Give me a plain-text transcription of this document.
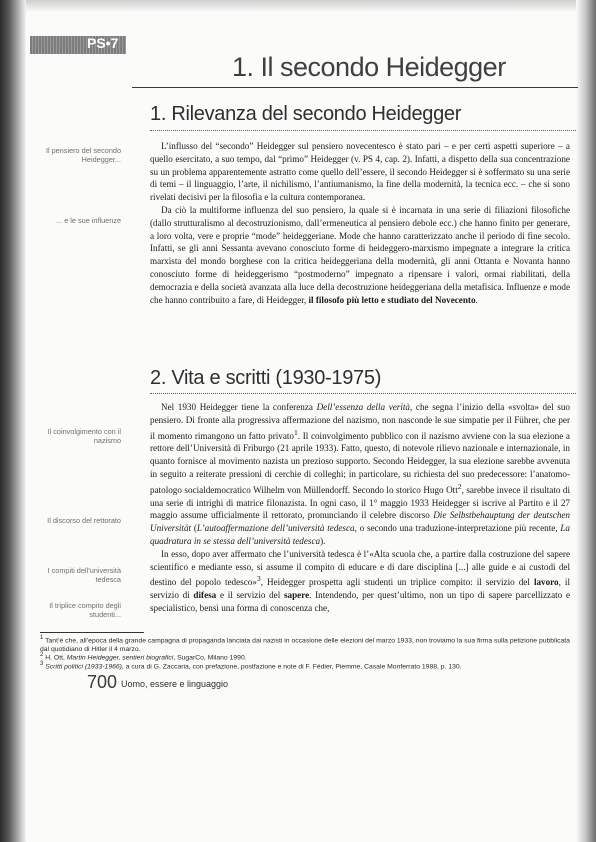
PS•7
1. Il secondo Heidegger
1. Rilevanza del secondo Heidegger
Il pensiero del secondo Heidegger...
... e le sue influenze

L’influsso del “secondo” Heidegger sul pensiero novecentesco è stato pari – e per certi aspetti superiore – a quello esercitato, a suo tempo, dal “primo” Heidegger (v. PS 4, cap. 2). Infatti, a dispetto della sua concentrazione su un problema apparentemente astratto come quello dell’essere, il secondo Heidegger si è soffermato su una serie di temi – il linguaggio, l’arte, il nichilismo, l’antiumanismo, la fine della modernità, la tecnica ecc. – che si sono rivelati decisivi per la filosofia e la cultura contemporanea.

Da ciò la multiforme influenza del suo pensiero, la quale si è incarnata in una serie di filiazioni filosofiche (dallo strutturalismo al decostruzionismo, dall’ermeneutica al pensiero debole ecc.) che hanno finito per generare, a loro volta, vere e proprie “mode” heideggeriane. Mode che hanno caratterizzato anche il periodo di fine secolo. Infatti, se gli anni Sessanta avevano conosciuto forme di heideggero-marxismo impegnate a integrare la critica marxista del mondo borghese con la critica heideggeriana della modernità, gli anni Ottanta e Novanta hanno conosciuto forme di heideggerismo “postmoderno” impegnato a ripensare i valori, ormai riabilitati, della democrazia e della società avanzata alla luce della decostruzione heideggeriana della metafisica. Influenze e mode che hanno contribuito a fare, di Heidegger, il filosofo più letto e studiato del Novecento.

2. Vita e scritti (1930-1975)
Il coinvolgimento con il nazismo
Il discorso del rettorato
I compiti dell’università tedesca
Il triplice compito degli studenti...

Nel 1930 Heidegger tiene la conferenza Dell’essenza della verità, che segna l’inizio della «svolta» del suo pensiero. Di fronte alla progressiva affermazione del nazismo, non nasconde le sue simpatie per il Führer, che per il momento rimangono un fatto privato$^1$. Il coinvolgimento pubblico con il nazismo avviene con la sua elezione a rettore dell’Università di Friburgo (21 aprile 1933). Fatto, questo, di notevole rilievo nazionale e internazionale, in quanto fornisce al movimento nazista un prezioso supporto. Secondo Heidegger, la sua elezione sarebbe avvenuta in seguito a reiterate pressioni di cerchie di colleghi; in particolare, su richiesta del suo predecessore: l’anatomo-patologo socialdemocratico Wilhelm von Müllendorff. Secondo lo storico Hugo Ott$^2$, sarebbe invece il risultato di una serie di intrighi di matrice filonazista. In ogni caso, il 1° maggio 1933 Heidegger si iscrive al Partito e il 27 maggio assume ufficialmente il rettorato, pronunciando il celebre discorso Die Selbstbehauptung der deutschen Universität (L’autoaffermazione dell’università tedesca, o secondo una traduzione-interpretazione più recente, La quadratura in se stessa dell’università tedesca).

In esso, dopo aver affermato che l’università tedesca è l’«Alta scuola che, a partire dalla costruzione del sapere scientifico e mediante esso, si assume il compito di educare e di dare disciplina [...] alle guide e ai custodi del destino del popolo tedesco»$^3$, Heidegger prospetta agli studenti un triplice compito: il servizio del lavoro, il servizio di difesa e il servizio del sapere. Intendendo, per quest’ultimo, non un tipo di sapere parcellizzato e specialistico, bensì una forma di conoscenza che,

$^1$ Tant’è che, all’epoca della grande campagna di propaganda lanciata dai nazisti in occasione delle elezioni del marzo 1933, non troviamo la sua firma sulla petizione pubblicata dal quotidiano di Hitler il 4 marzo.
$^2$ H. Ott, Martin Heidegger, sentieri biografici, SugarCo, Milano 1990.
$^3$ Scritti politici (1933-1966), a cura di G. Zaccaria, con prefazione, postfazione e note di F. Fédier, Piemme, Casale Monferrato 1988, p. 130.
700 Uomo, essere e linguaggio
